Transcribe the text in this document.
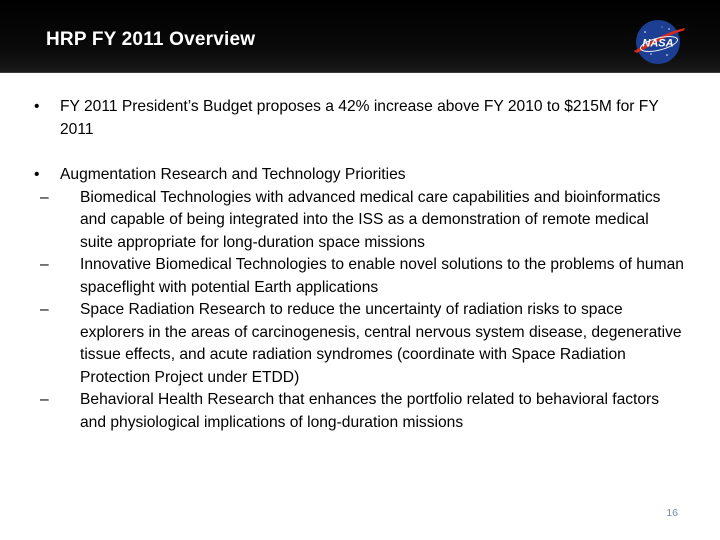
HRP FY 2011 Overview	NASA
•	FY 2011 President’s Budget proposes a 42% increase above FY 2010 to $215M for FY 2011
•	Augmentation Research and Technology Priorities
– Biomedical Technologies with advanced medical care capabilities and bioinformatics and capable of being integrated into the ISS as a demonstration of remote medical suite appropriate for long-duration space missions
– Innovative Biomedical Technologies to enable novel solutions to the problems of human spaceflight with potential Earth applications
– Space Radiation Research to reduce the uncertainty of radiation risks to space explorers in the areas of carcinogenesis, central nervous system disease, degenerative tissue effects, and acute radiation syndromes (coordinate with Space Radiation Protection Project under ETDD)
– Behavioral Health Research that enhances the portfolio related to behavioral factors and physiological implications of long-duration missions
16
